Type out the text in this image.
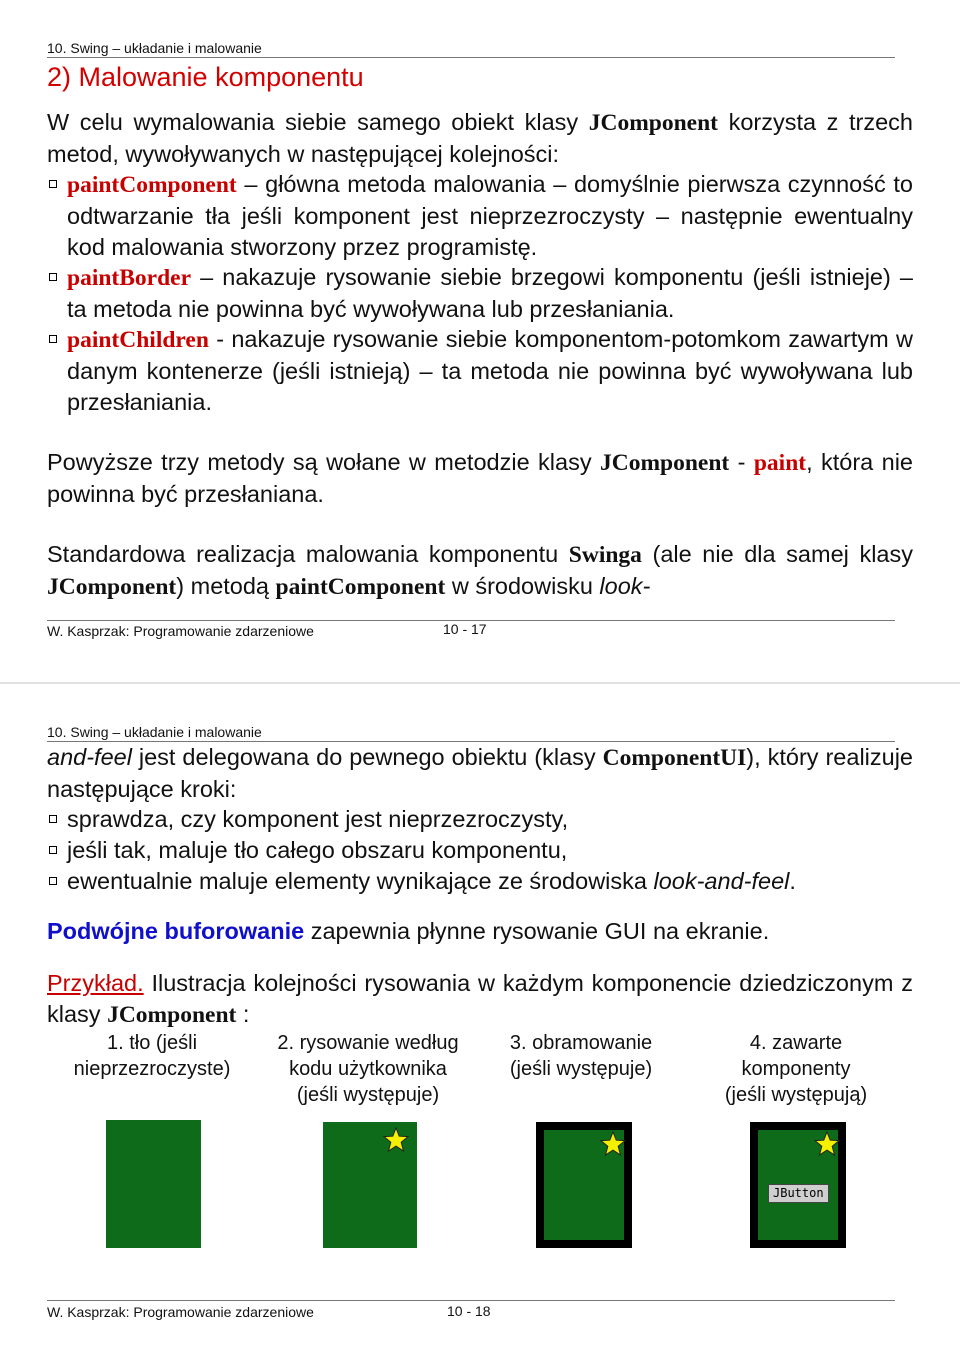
10. Swing – układanie i malowanie
2) Malowanie komponentu

W celu wymalowania siebie samego obiekt klasy JComponent korzysta z trzech metod, wywoływanych w następującej kolejności:

paintComponent – główna metoda malowania – domyślnie pierwsza czynność to odtwarzanie tła jeśli komponent jest nieprzezroczysty – następnie ewentualny kod malowania stworzony przez programistę.
paintBorder – nakazuje rysowanie siebie brzegowi komponentu (jeśli istnieje) – ta metoda nie powinna być wywoływana lub przesłaniania.
paintChildren - nakazuje rysowanie siebie komponentom-potomkom zawartym w danym kontenerze (jeśli istnieją) – ta metoda nie powinna być wywoływana lub przesłaniania.

Powyższe trzy metody są wołane w metodzie klasy JComponent - paint, która nie powinna być przesłaniana.

Standardowa realizacja malowania komponentu Swinga (ale nie dla samej klasy JComponent) metodą paintComponent w środowisku look-

W. Kasprzak: Programowanie zdarzeniowe	10 - 17
10. Swing – układanie i malowanie

and-feel jest delegowana do pewnego obiektu (klasy ComponentUI), który realizuje następujące kroki:

sprawdza, czy komponent jest nieprzezroczysty,
jeśli tak, maluje tło całego obszaru komponentu,
ewentualnie maluje elementy wynikające ze środowiska look-and-feel.

Podwójne buforowanie zapewnia płynne rysowanie GUI na ekranie.

Przykład. Ilustracja kolejności rysowania w każdym komponencie dziedziczonym z klasy JComponent :

1. tło (jeśli
nieprzezroczyste)
2. rysowanie według
kodu użytkownika
(jeśli występuje)
3. obramowanie
(jeśli występuje)
4. zawarte
komponenty
(jeśli występują)
JButton
W. Kasprzak: Programowanie zdarzeniowe	10 - 18
